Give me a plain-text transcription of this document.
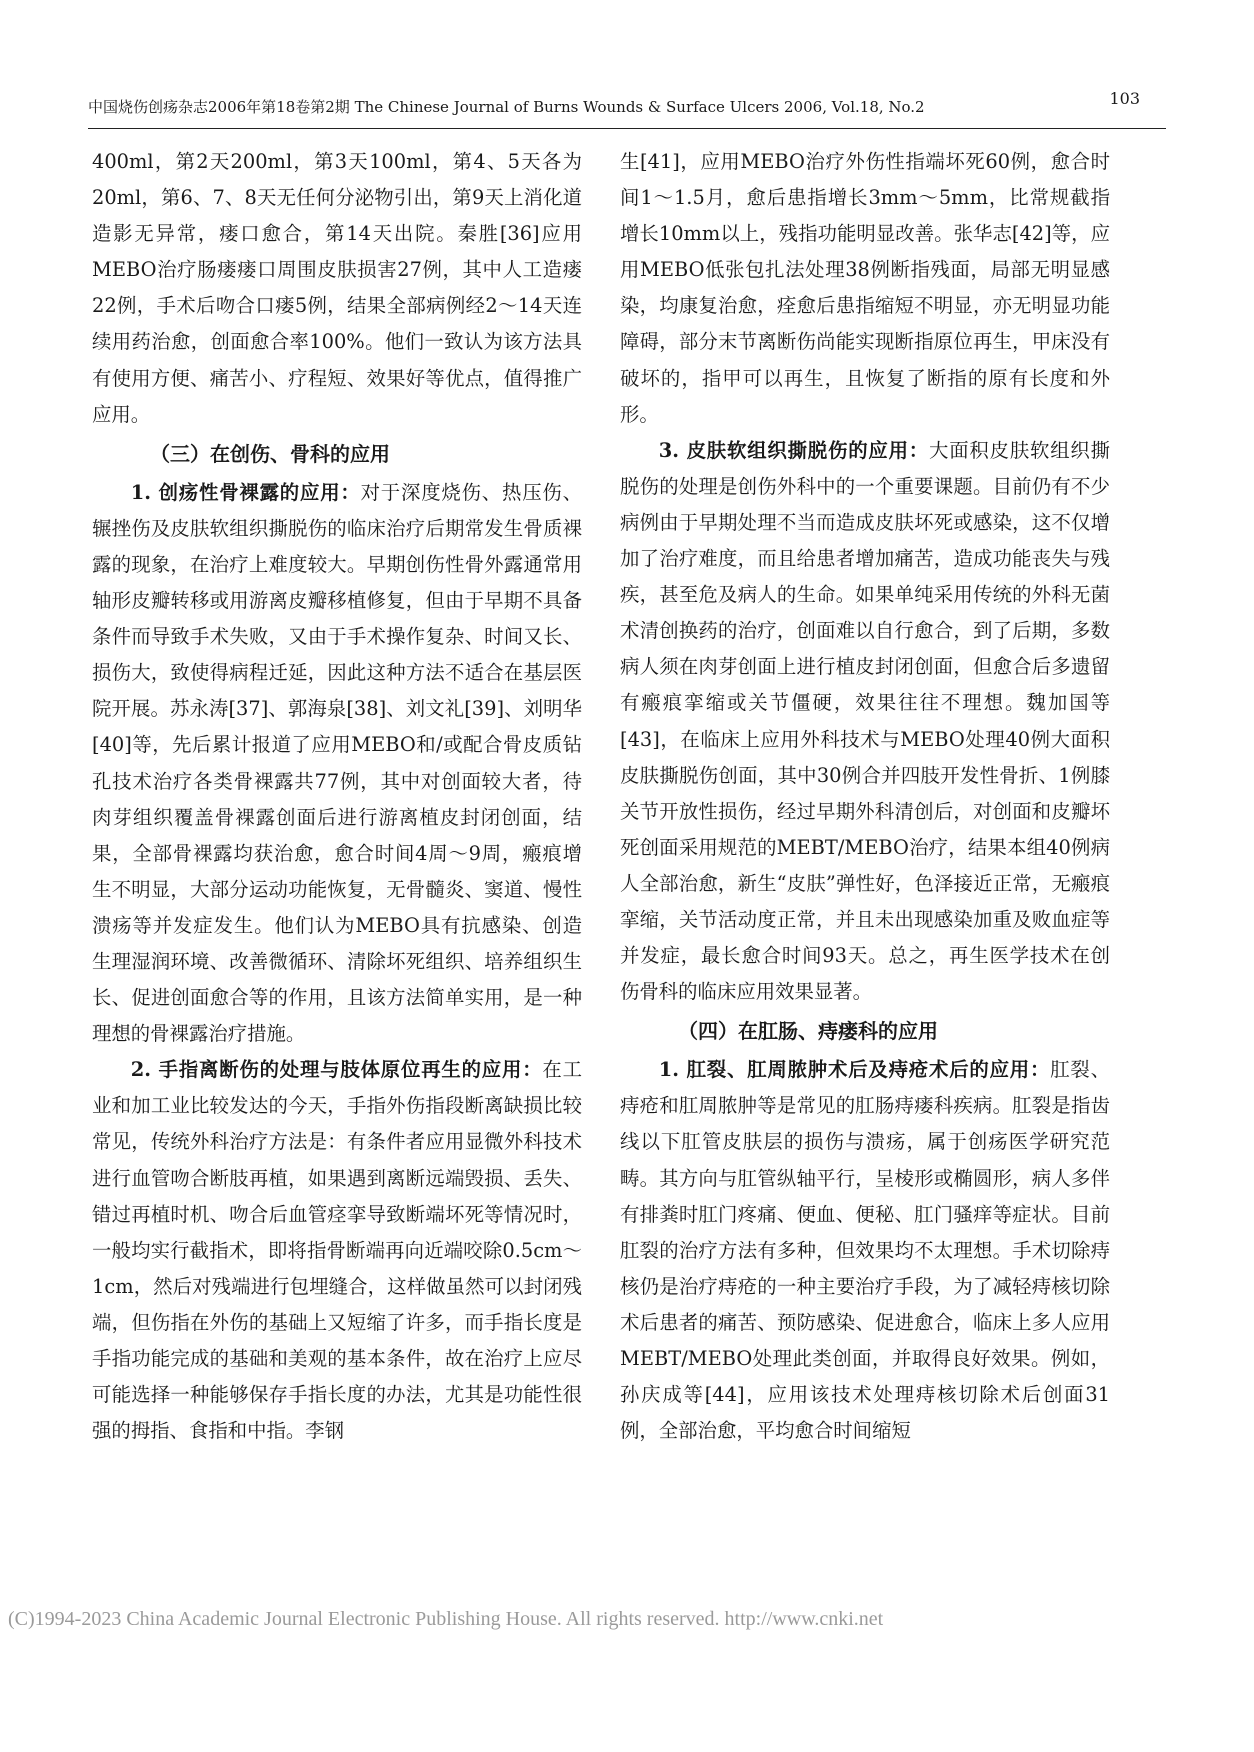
中国烧伤创疡杂志2006年第18卷第2期 The Chinese Journal of Burns Wounds & Surface Ulcers 2006, Vol.18, No.2	103

400ml，第2天200ml，第3天100ml，第4、5天各为20ml，第6、7、8天无任何分泌物引出，第9天上消化道造影无异常，瘘口愈合，第14天出院。秦胜[36]应用MEBO治疗肠瘘瘘口周围皮肤损害27例，其中人工造瘘22例，手术后吻合口瘘5例，结果全部病例经2～14天连续用药治愈，创面愈合率100%。他们一致认为该方法具有使用方便、痛苦小、疗程短、效果好等优点，值得推广应用。

（三）在创伤、骨科的应用

1. 创疡性骨裸露的应用：对于深度烧伤、热压伤、辗挫伤及皮肤软组织撕脱伤的临床治疗后期常发生骨质裸露的现象，在治疗上难度较大。早期创伤性骨外露通常用轴形皮瓣转移或用游离皮瓣移植修复，但由于早期不具备条件而导致手术失败，又由于手术操作复杂、时间又长、损伤大，致使得病程迁延，因此这种方法不适合在基层医院开展。苏永涛[37]、郭海泉[38]、刘文礼[39]、刘明华[40]等，先后累计报道了应用MEBO和/或配合骨皮质钻孔技术治疗各类骨裸露共77例，其中对创面较大者，待肉芽组织覆盖骨裸露创面后进行游离植皮封闭创面，结果，全部骨裸露均获治愈，愈合时间4周～9周，瘢痕增生不明显，大部分运动功能恢复，无骨髓炎、窦道、慢性溃疡等并发症发生。他们认为MEBO具有抗感染、创造生理湿润环境、改善微循环、清除坏死组织、培养组织生长、促进创面愈合等的作用，且该方法简单实用，是一种理想的骨裸露治疗措施。

2. 手指离断伤的处理与肢体原位再生的应用：在工业和加工业比较发达的今天，手指外伤指段断离缺损比较常见，传统外科治疗方法是：有条件者应用显微外科技术进行血管吻合断肢再植，如果遇到离断远端毁损、丢失、错过再植时机、吻合后血管痉挛导致断端坏死等情况时，一般均实行截指术，即将指骨断端再向近端咬除0.5cm～1cm，然后对残端进行包埋缝合，这样做虽然可以封闭残端，但伤指在外伤的基础上又短缩了许多，而手指长度是手指功能完成的基础和美观的基本条件，故在治疗上应尽可能选择一种能够保存手指长度的办法，尤其是功能性很强的拇指、食指和中指。李钢

生[41]，应用MEBO治疗外伤性指端坏死60例，愈合时间1～1.5月，愈后患指增长3mm～5mm，比常规截指增长10mm以上，残指功能明显改善。张华志[42]等，应用MEBO低张包扎法处理38例断指残面，局部无明显感染，均康复治愈，痊愈后患指缩短不明显，亦无明显功能障碍，部分末节离断伤尚能实现断指原位再生，甲床没有破坏的，指甲可以再生，且恢复了断指的原有长度和外形。

3. 皮肤软组织撕脱伤的应用：大面积皮肤软组织撕脱伤的处理是创伤外科中的一个重要课题。目前仍有不少病例由于早期处理不当而造成皮肤坏死或感染，这不仅增加了治疗难度，而且给患者增加痛苦，造成功能丧失与残疾，甚至危及病人的生命。如果单纯采用传统的外科无菌术清创换药的治疗，创面难以自行愈合，到了后期，多数病人须在肉芽创面上进行植皮封闭创面，但愈合后多遗留有瘢痕挛缩或关节僵硬，效果往往不理想。魏加国等[43]，在临床上应用外科技术与MEBO处理40例大面积皮肤撕脱伤创面，其中30例合并四肢开发性骨折、1例膝关节开放性损伤，经过早期外科清创后，对创面和皮瓣坏死创面采用规范的MEBT/MEBO治疗，结果本组40例病人全部治愈，新生“皮肤”弹性好，色泽接近正常，无瘢痕挛缩，关节活动度正常，并且未出现感染加重及败血症等并发症，最长愈合时间93天。总之，再生医学技术在创伤骨科的临床应用效果显著。

（四）在肛肠、痔瘘科的应用

1. 肛裂、肛周脓肿术后及痔疮术后的应用：肛裂、痔疮和肛周脓肿等是常见的肛肠痔瘘科疾病。肛裂是指齿线以下肛管皮肤层的损伤与溃疡，属于创疡医学研究范畴。其方向与肛管纵轴平行，呈棱形或椭圆形，病人多伴有排粪时肛门疼痛、便血、便秘、肛门骚痒等症状。目前肛裂的治疗方法有多种，但效果均不太理想。手术切除痔核仍是治疗痔疮的一种主要治疗手段，为了减轻痔核切除术后患者的痛苦、预防感染、促进愈合，临床上多人应用MEBT/MEBO处理此类创面，并取得良好效果。例如，孙庆成等[44]，应用该技术处理痔核切除术后创面31例，全部治愈，平均愈合时间缩短

(C)1994-2023 China Academic Journal Electronic Publishing House. All rights reserved. http://www.cnki.net
